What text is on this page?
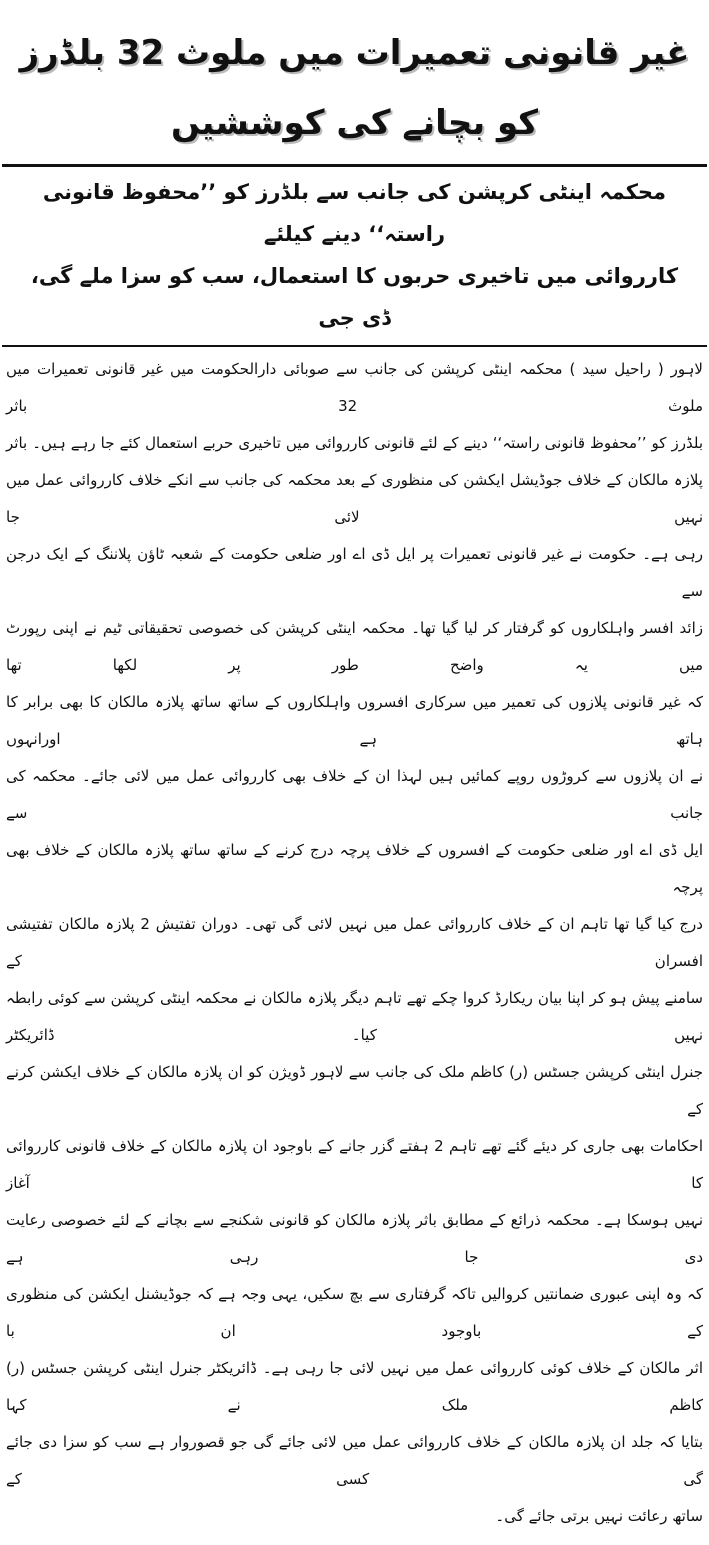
غیر قانونی تعمیرات میں ملوث 32 بلڈرز کو بچانے کی کوششیں
محکمہ اینٹی کرپشن کی جانب سے بلڈرز کو ’’محفوظ قانونی راستہ‘‘ دینے کیلئے
کارروائی میں تاخیری حربوں کا استعمال، سب کو سزا ملے گی، ڈی جی
لاہور ( راحیل سید ) محکمہ اینٹی کرپشن کی جانب سے صوبائی دارالحکومت میں غیر قانونی تعمیرات میں ملوث 32 باثر
بلڈرز کو ’’محفوظ قانونی راستہ‘‘ دینے کے لئے قانونی کارروائی میں تاخیری حربے استعمال کئے جا رہے ہیں۔ باثر
پلازہ مالکان کے خلاف جوڈیشل ایکشن کی منظوری کے بعد محکمہ کی جانب سے انکے خلاف کارروائی عمل میں نہیں لائی جا
رہی ہے۔ حکومت نے غیر قانونی تعمیرات پر ایل ڈی اے اور ضلعی حکومت کے شعبہ ٹاؤن پلاننگ کے ایک درجن سے
زائد افسر واہلکاروں کو گرفتار کر لیا گیا تھا۔ محکمہ اینٹی کرپشن کی خصوصی تحقیقاتی ٹیم نے اپنی رپورٹ میں یہ واضح طور پر لکھا تھا
کہ غیر قانونی پلازوں کی تعمیر میں سرکاری افسروں واہلکاروں کے ساتھ ساتھ پلازہ مالکان کا بھی برابر کا ہاتھ ہے اورانہوں
نے ان پلازوں سے کروڑوں روپے کمائیں ہیں لہذا ان کے خلاف بھی کارروائی عمل میں لائی جائے۔ محکمہ کی جانب سے
ایل ڈی اے اور ضلعی حکومت کے افسروں کے خلاف پرچہ درج کرنے کے ساتھ ساتھ پلازہ مالکان کے خلاف بھی پرچہ
درج کیا گیا تھا تاہم ان کے خلاف کارروائی عمل میں نہیں لائی گی تھی۔ دوران تفتیش 2 پلازہ مالکان تفتیشی افسران کے
سامنے پیش ہو کر اپنا بیان ریکارڈ کروا چکے تھے تاہم دیگر پلازہ مالکان نے محکمہ اینٹی کرپشن سے کوئی رابطہ نہیں کیا۔ ڈائریکٹر
جنرل اینٹی کرپشن جسٹس (ر) کاظم ملک کی جانب سے لاہور ڈویژن کو ان پلازہ مالکان کے خلاف ایکشن کرنے کے
احکامات بھی جاری کر دیئے گئے تھے تاہم 2 ہفتے گزر جانے کے باوجود ان پلازہ مالکان کے خلاف قانونی کارروائی کا آغاز
نہیں ہوسکا ہے۔ محکمہ ذرائع کے مطابق باثر پلازہ مالکان کو قانونی شکنجے سے بچانے کے لئے خصوصی رعایت دی جا رہی ہے
کہ وہ اپنی عبوری ضمانتیں کروالیں تاکہ گرفتاری سے بچ سکیں، یہی وجہ ہے کہ جوڈیشنل ایکشن کی منظوری کے باوجود ان با
اثر مالکان کے خلاف کوئی کارروائی عمل میں نہیں لائی جا رہی ہے۔ ڈائریکٹر جنرل اینٹی کرپشن جسٹس (ر) کاظم ملک نے کہا
بتایا کہ جلد ان پلازہ مالکان کے خلاف کارروائی عمل میں لائی جائے گی جو قصوروار ہے سب کو سزا دی جائے گی کسی کے
ساتھ رعائت نہیں برتی جائے گی۔
